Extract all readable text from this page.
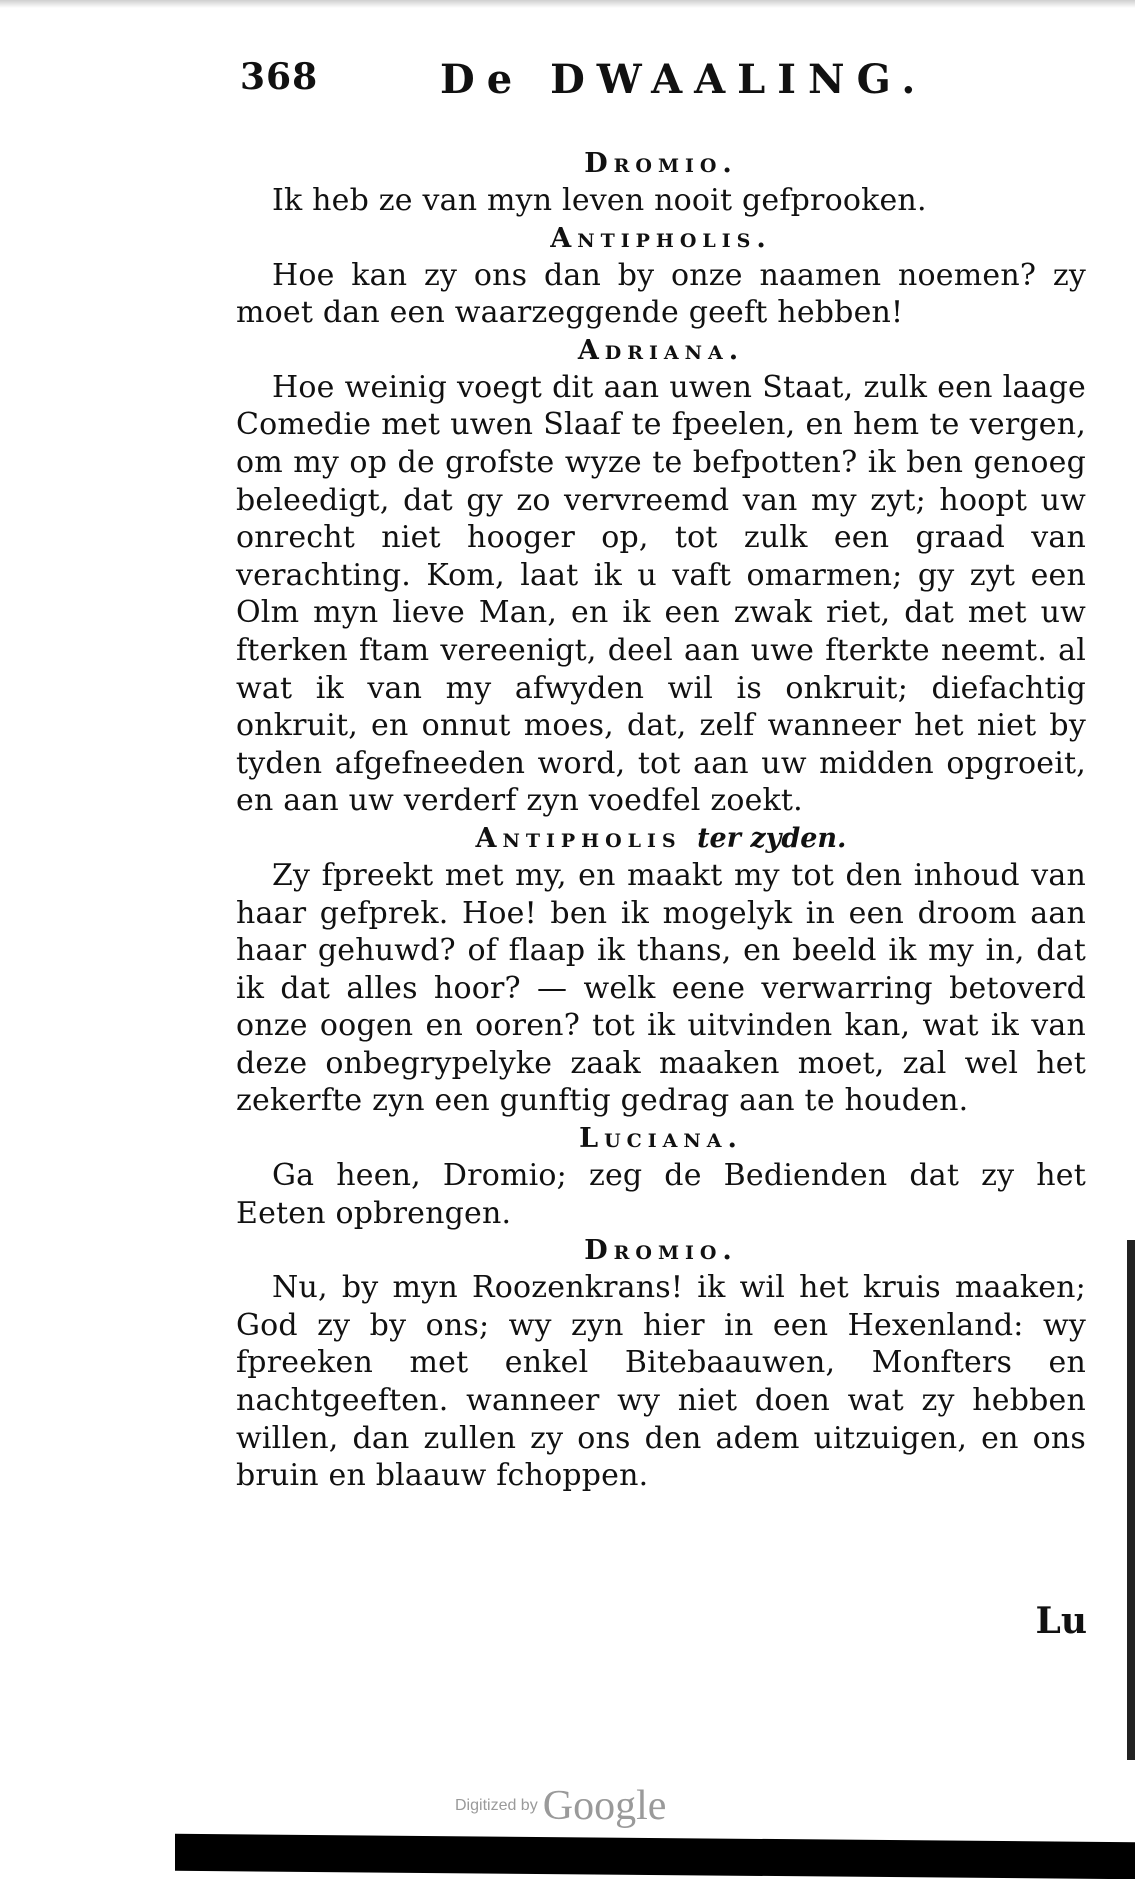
368	De DWAALING.

Dromio.

Ik heb ze van myn leven nooit gefprooken.

Antipholis.

Hoe kan zy ons dan by onze naamen noemen? zy moet dan een waarzeggende geeft hebben!

Adriana.

Hoe weinig voegt dit aan uwen Staat, zulk een laage Comedie met uwen Slaaf te fpeelen, en hem te vergen, om my op de grofste wyze te befpotten? ik ben genoeg beleedigt, dat gy zo vervreemd van my zyt; hoopt uw onrecht niet hooger op, tot zulk een graad van verachting. Kom, laat ik u vaft omarmen; gy zyt een Olm myn lieve Man, en ik een zwak riet, dat met uw fterken ftam vereenigt, deel aan uwe fterkte neemt. al wat ik van my afwyden wil is onkruit; diefachtig onkruit, en onnut moes, dat, zelf wanneer het niet by tyden afgefneeden word, tot aan uw midden opgroeit, en aan uw verderf zyn voedfel zoekt.

Antipholis ter zyden.

Zy fpreekt met my, en maakt my tot den inhoud van haar gefprek. Hoe! ben ik mogelyk in een droom aan haar gehuwd? of flaap ik thans, en beeld ik my in, dat ik dat alles hoor? — welk eene verwarring betoverd onze oogen en ooren? tot ik uitvinden kan, wat ik van deze onbegrypelyke zaak maaken moet, zal wel het zekerfte zyn een gunftig gedrag aan te houden.

Luciana.

Ga heen, Dromio; zeg de Bedienden dat zy het Eeten opbrengen.

Dromio.

Nu, by myn Roozenkrans! ik wil het kruis maaken; God zy by ons; wy zyn hier in een Hexenland: wy fpreeken met enkel Bitebaauwen, Monfters en nachtgeeften. wanneer wy niet doen wat zy hebben willen, dan zullen zy ons den adem uitzuigen, en ons bruin en blaauw fchoppen.

Lu
Digitized by Google
